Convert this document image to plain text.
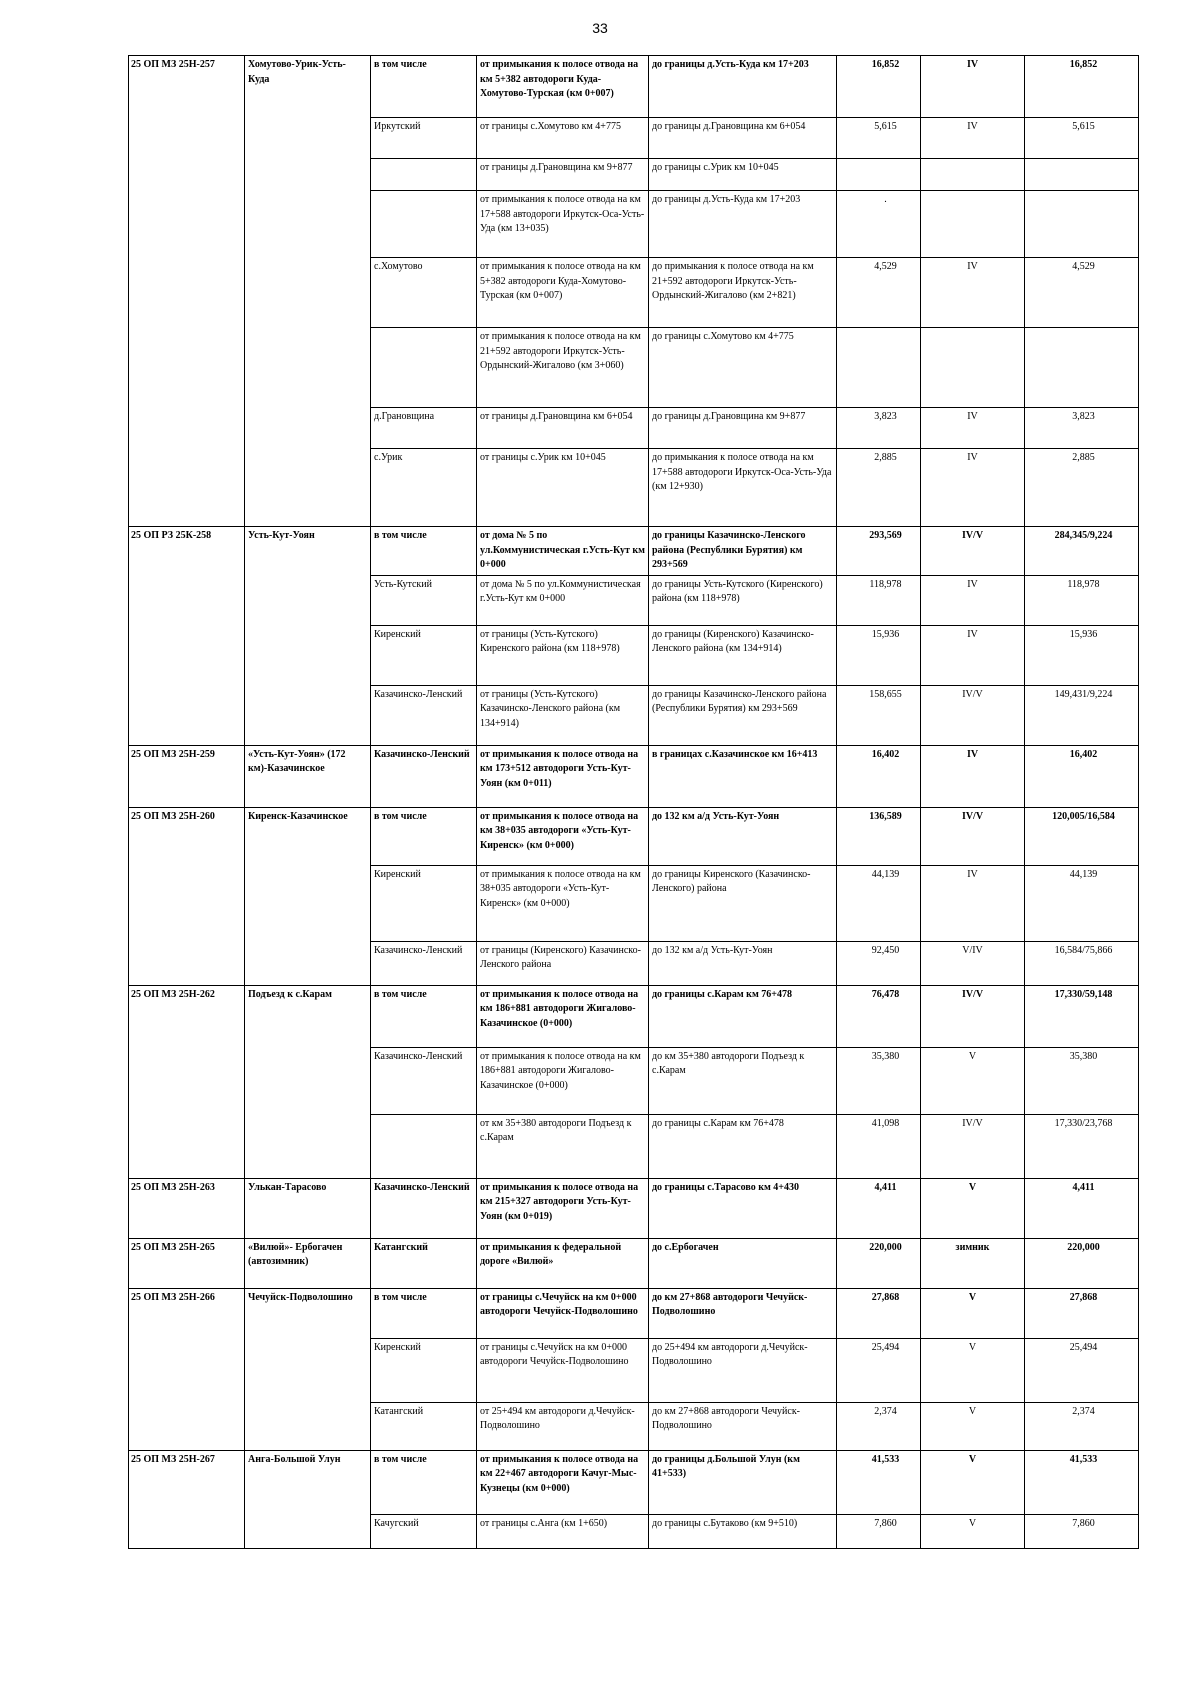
33
25 ОП МЗ 25Н-257	Хомутово-Урик-Усть-Куда	в том числе	от примыкания к полосе отвода на км 5+382 автодороги Куда-Хомутово-Турская (км 0+007)	до границы д.Усть-Куда км 17+203	16,852	IV	16,852
		Иркутский	от границы с.Хомутово км 4+775	до границы д.Грановщина км 6+054	5,615	IV	5,615
			от границы д.Грановщина км 9+877	до границы с.Урик км 10+045			
			от примыкания к полосе отвода на км 17+588 автодороги Иркутск-Оса-Усть-Уда (км 13+035)	до границы д.Усть-Куда км 17+203	.		
		с.Хомутово	от примыкания к полосе отвода на км 5+382 автодороги Куда-Хомутово-Турская (км 0+007)	до примыкания к полосе отвода на км 21+592 автодороги Иркутск-Усть-Ордынский-Жигалово (км 2+821)	4,529	IV	4,529
			от примыкания к полосе отвода на км 21+592 автодороги Иркутск-Усть-Ордынский-Жигалово (км 3+060)	до границы с.Хомутово км 4+775			
		д.Грановщина	от границы д.Грановщина км 6+054	до границы д.Грановщина км 9+877	3,823	IV	3,823
		с.Урик	от границы с.Урик км 10+045	до примыкания к полосе отвода на км 17+588 автодороги Иркутск-Оса-Усть-Уда (км 12+930)	2,885	IV	2,885
25 ОП РЗ 25К-258	Усть-Кут-Уоян	в том числе	от дома № 5 по ул.Коммунистическая г.Усть-Кут км 0+000	до границы Казачинско-Ленского района (Республики Бурятия) км 293+569	293,569	IV/V	284,345/9,224
		Усть-Кутский	от дома № 5 по ул.Коммунистическая г.Усть-Кут км 0+000	до границы Усть-Кутского (Киренского) района (км 118+978)	118,978	IV	118,978
		Киренский	от границы (Усть-Кутского) Киренского района (км 118+978)	до границы (Киренского) Казачинско-Ленского района (км 134+914)	15,936	IV	15,936
		Казачинско-Ленский	от границы (Усть-Кутского) Казачинско-Ленского района (км 134+914)	до границы Казачинско-Ленского района (Республики Бурятия) км 293+569	158,655	IV/V	149,431/9,224
25 ОП МЗ 25Н-259	«Усть-Кут-Уоян» (172 км)-Казачинское	Казачинско-Ленский	от примыкания к полосе отвода на км 173+512 автодороги Усть-Кут-Уоян (км 0+011)	в границах с.Казачинское км 16+413	16,402	IV	16,402
25 ОП МЗ 25Н-260	Киренск-Казачинское	в том числе	от примыкания к полосе отвода на км 38+035 автодороги «Усть-Кут-Киренск» (км 0+000)	до 132 км а/д Усть-Кут-Уоян	136,589	IV/V	120,005/16,584
		Киренский	от примыкания к полосе отвода на км 38+035 автодороги «Усть-Кут-Киренск» (км 0+000)	до границы Киренского (Казачинско-Ленского) района	44,139	IV	44,139
		Казачинско-Ленский	от границы (Киренского) Казачинско-Ленского района	до 132 км а/д Усть-Кут-Уоян	92,450	V/IV	16,584/75,866
25 ОП МЗ 25Н-262	Подъезд к с.Карам	в том числе	от примыкания к полосе отвода на км 186+881 автодороги Жигалово-Казачинское (0+000)	до границы с.Карам км 76+478	76,478	IV/V	17,330/59,148
		Казачинско-Ленский	от примыкания к полосе отвода на км 186+881 автодороги Жигалово-Казачинское (0+000)	до км 35+380 автодороги Подъезд к с.Карам	35,380	V	35,380
			от км 35+380 автодороги Подъезд к с.Карам	до границы с.Карам км 76+478	41,098	IV/V	17,330/23,768
25 ОП МЗ 25Н-263	Улькан-Тарасово	Казачинско-Ленский	от примыкания к полосе отвода на км 215+327 автодороги Усть-Кут-Уоян (км 0+019)	до границы с.Тарасово км 4+430	4,411	V	4,411
25 ОП МЗ 25Н-265	«Вилюй»- Ербогачен (автозимник)	Катангский	от примыкания к федеральной дороге «Вилюй»	до с.Ербогачен	220,000	зимник	220,000
25 ОП МЗ 25Н-266	Чечуйск-Подволошино	в том числе	от границы с.Чечуйск на км 0+000 автодороги Чечуйск-Подволошино	до км 27+868 автодороги Чечуйск-Подволошино	27,868	V	27,868
		Киренский	от границы с.Чечуйск на км 0+000 автодороги Чечуйск-Подволошино	до 25+494 км автодороги д.Чечуйск-Подволошино	25,494	V	25,494
		Катангский	от 25+494 км автодороги д.Чечуйск-Подволошино	до км 27+868 автодороги Чечуйск-Подволошино	2,374	V	2,374
25 ОП МЗ 25Н-267	Анга-Большой Улун	в том числе	от примыкания к полосе отвода на км 22+467 автодороги Качуг-Мыс-Кузнецы (км 0+000)	до границы д.Большой Улун (км 41+533)	41,533	V	41,533
		Качугский	от границы с.Анга (км 1+650)	до границы с.Бутаково (км 9+510)	7,860	V	7,860
